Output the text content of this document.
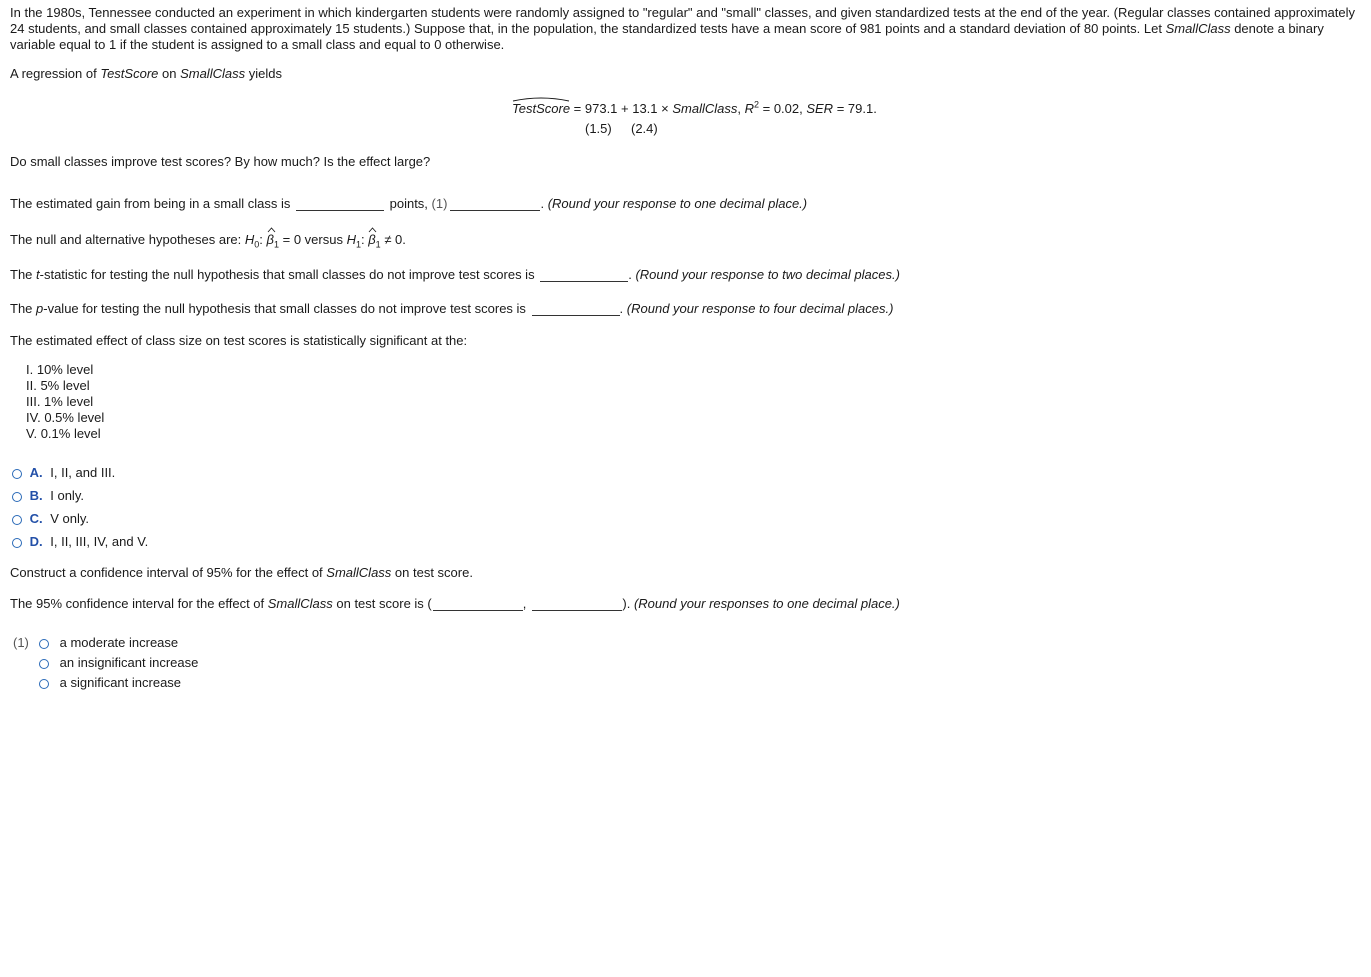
In the 1980s, Tennessee conducted an experiment in which kindergarten students were randomly assigned to "regular" and "small" classes, and given standardized tests at the end of the year. (Regular classes contained approximately 24 students, and small classes contained approximately 15 students.) Suppose that, in the population, the standardized tests have a mean score of 981 points and a standard deviation of 80 points. Let SmallClass denote a binary variable equal to 1 if the student is assigned to a small class and equal to 0 otherwise.
A regression of TestScore on SmallClass yields
TestScore = 973.1 + 13.1 × SmallClass, $R^2 = 0.02$, SER = 79.1.
(1.5) (2.4)
Do small classes improve test scores? By how much? Is the effect large?
The estimated gain from being in a small class is	points, (1)	. (Round your response to one decimal place.)
The null and alternative hypotheses are: $H_0$: $\beta_1 = 0$ versus $H_1$: $\beta_1 \ne 0$.
The t-statistic for testing the null hypothesis that small classes do not improve test scores is	. (Round your response to two decimal places.)
The p-value for testing the null hypothesis that small classes do not improve test scores is	. (Round your response to four decimal places.)
The estimated effect of class size on test scores is statistically significant at the:
I. 10% level
II. 5% level
III. 1% level
IV. 0.5% level
V. 0.1% level
A. I, II, and III.
B. I only.
C. V only.
D. I, II, III, IV, and V.
Construct a confidence interval of 95% for the effect of SmallClass on test score.
The 95% confidence interval for the effect of SmallClass on test score is (	,	). (Round your responses to one decimal place.)
(1)	a moderate increase
an insignificant increase
a significant increase
